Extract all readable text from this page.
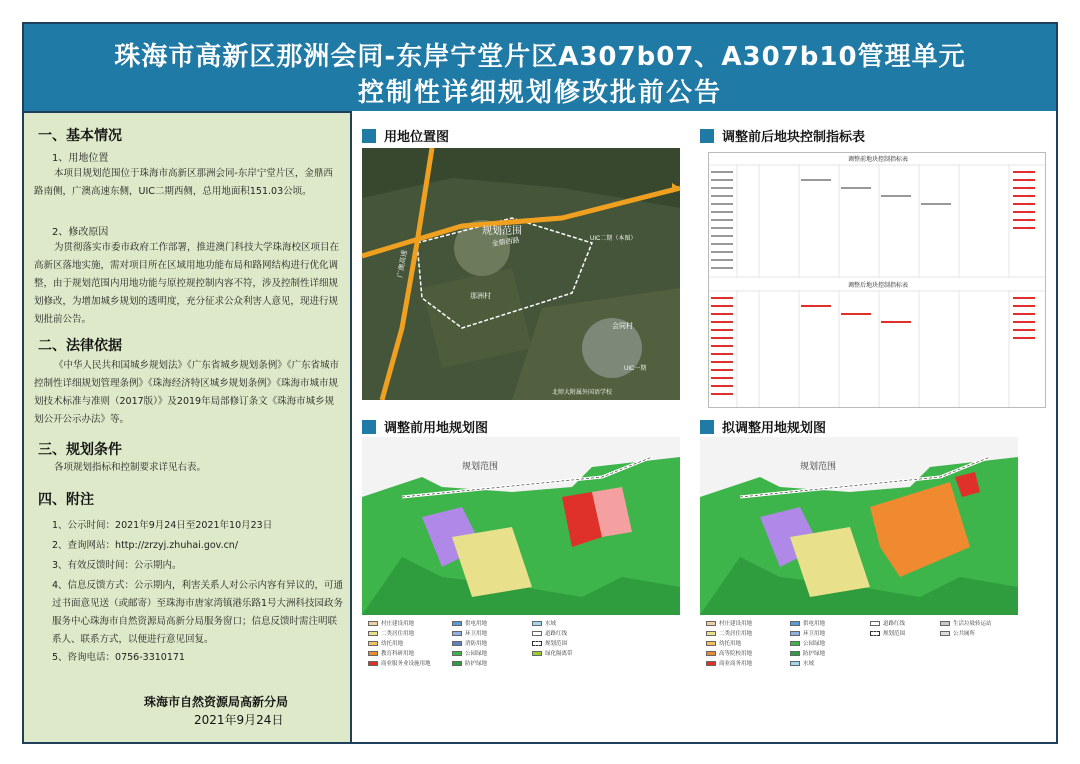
珠海市高新区那洲会同-东岸宁堂片区A307b07、A307b10管理单元
控制性详细规划修改批前公告
一、基本情况
1、用地位置
本项目规划范围位于珠海市高新区那洲会同-东岸宁堂片区，金鼎西路南侧，广澳高速东侧，UIC二期西侧，总用地面积151.03公顷。
2、修改原因
为贯彻落实市委市政府工作部署，推进澳门科技大学珠海校区项目在高新区落地实施，需对项目所在区域用地功能布局和路网结构进行优化调整，由于规划范围内用地功能与原控规控制内容不符，涉及控制性详细规划修改，为增加城乡规划的透明度，充分征求公众利害人意见，现进行规划批前公告。
二、法律依据
《中华人民共和国城乡规划法》《广东省城乡规划条例》《广东省城市控制性详细规划管理条例》《珠海经济特区城乡规划条例》《珠海市城市规划技术标准与准则（2017版）》及2019年局部修订条文《珠海市城乡规划公开公示办法》等。
三、规划条件
各项规划指标和控制要求详见右表。
四、附注
1、公示时间：2021年9月24日至2021年10月23日
2、查询网站：http://zrzyj.zhuhai.gov.cn/
3、有效反馈时间：公示期内。
4、信息反馈方式：公示期内，利害关系人对公示内容有异议的，可通过书面意见送（或邮寄）至珠海市唐家湾镇港乐路1号大洲科技园政务服务中心珠海市自然资源局高新分局服务窗口；信息反馈时需注明联系人、联系方式，以便进行意见回复。
5、咨询电话：0756-3310171
珠海市自然资源局高新分局
2021年9月24日
用地位置图	调整前后地块控制指标表
调整前用地规划图	拟调整用地规划图
规划范围
金鼎西路
广澳高速
UIC二期（本图）
那洲村
会同村
UIC一期
北师大附属外国语学校
调整前地块控制指标表
调整后地块控制指标表
规划范围	规划范围
村庄建设用地
二类居住用地
幼托用地
教育科研用地
商业服务业设施用地
供电用地
环卫用地
消防用地
公园绿地
防护绿地
水域
道路红线
规划范围
绿化隔离带
村庄建设用地
二类居住用地
幼托用地
高等院校用地
商业商务用地
供电用地
环卫用地
公园绿地
防护绿地
水域
道路红线
规划范围
生活垃圾转运站
公共厕所
